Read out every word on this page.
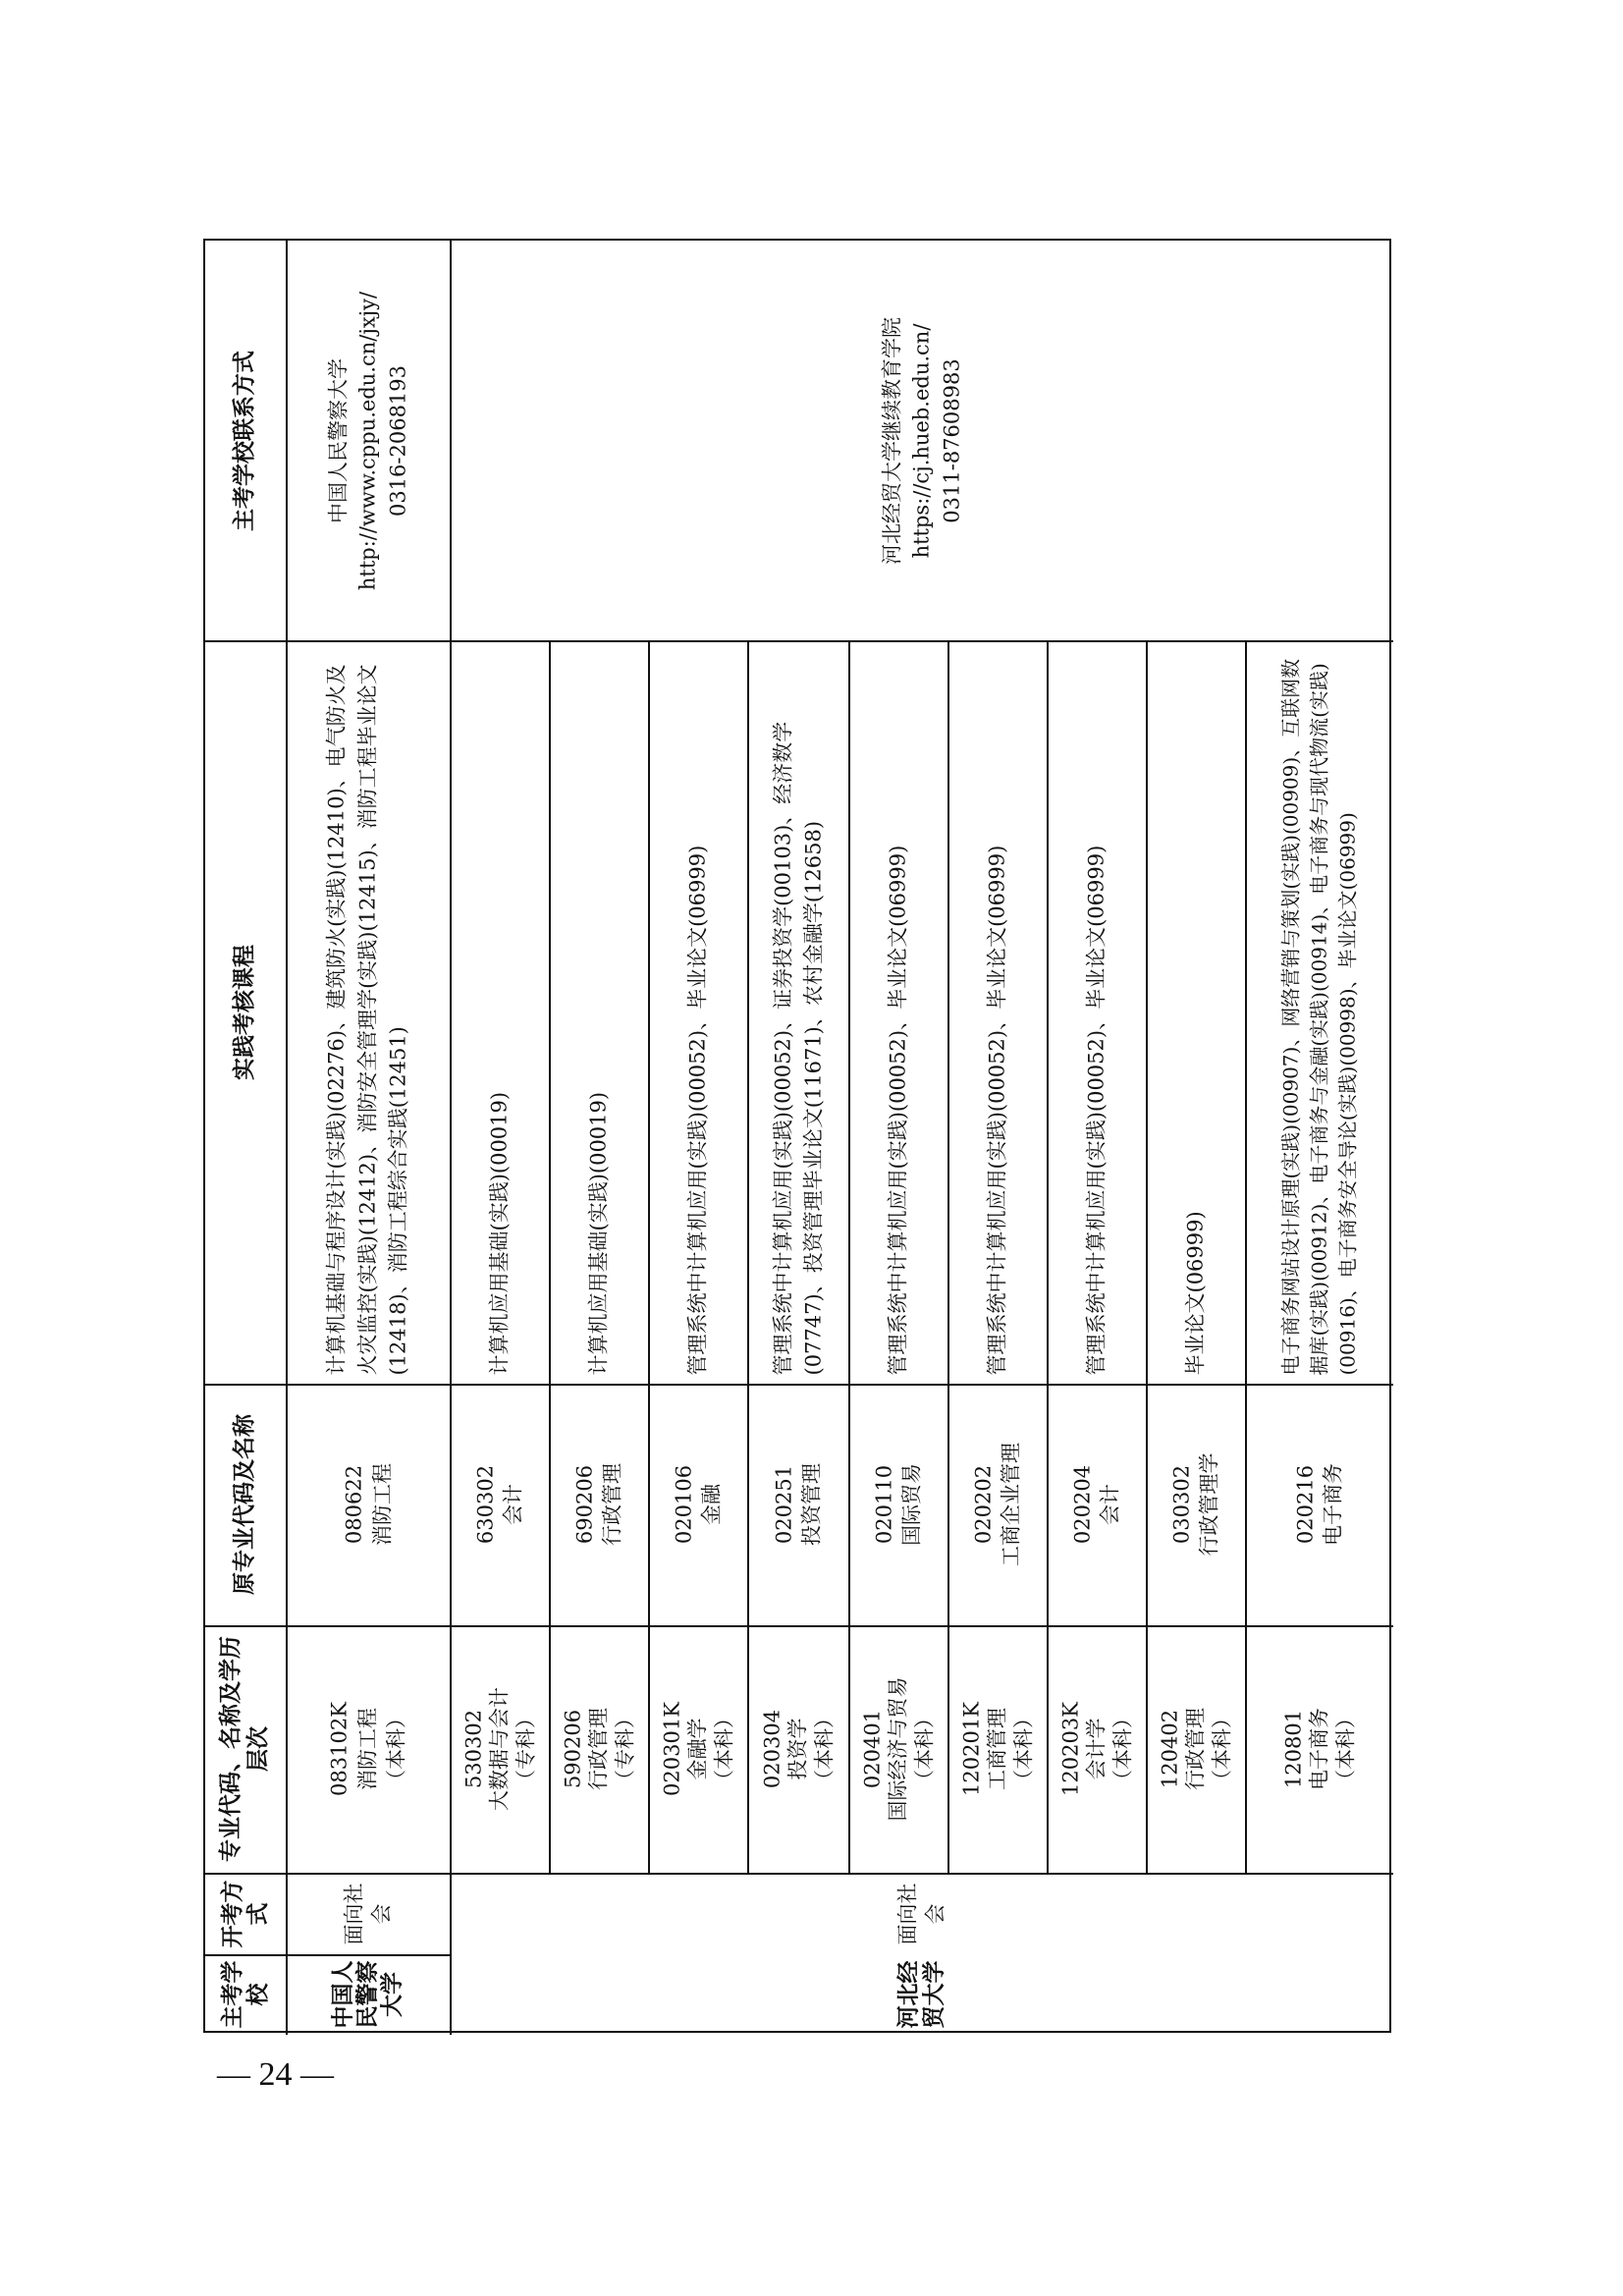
主考学校
开考方式
专业代码、名称及学历层次
原专业代码及名称
实践考核课程
主考学校联系方式
中国人民警察大学
面向社会
083102K 消防工程 （本科）
080622 消防工程
计算机基础与程序设计(实践)(02276)、建筑防火(实践)(12410)、电气防火及火灾监控(实践)(12412)、消防安全管理学(实践)(12415)、消防工程毕业论文(12418)、消防工程综合实践(12451)
中国人民警察大学 http://www.cppu.edu.cn/jxjy/ 0316-2068193
河北经贸大学
面向社会
河北经贸大学继续教育学院 https://cj.hueb.edu.cn/ 0311-87608983
530302 大数据与会计 （专科）
630302 会计
计算机应用基础(实践)(00019)
590206 行政管理 （专科）
690206 行政管理
计算机应用基础(实践)(00019)
020301K 金融学 （本科）
020106 金融
管理系统中计算机应用(实践)(00052)、毕业论文(06999)
020304 投资学 （本科）
020251 投资管理
管理系统中计算机应用(实践)(00052)、证券投资学(00103)、经济数学(07747)、投资管理毕业论文(11671)、农村金融学(12658)
020401 国际经济与贸易 （本科）
020110 国际贸易
管理系统中计算机应用(实践)(00052)、毕业论文(06999)
120201K 工商管理 （本科）
020202 工商企业管理
管理系统中计算机应用(实践)(00052)、毕业论文(06999)
120203K 会计学 （本科）
020204 会计
管理系统中计算机应用(实践)(00052)、毕业论文(06999)
120402 行政管理 （本科）
030302 行政管理学
毕业论文(06999)
120801 电子商务 （本科）
020216 电子商务
电子商务网站设计原理(实践)(00907)、网络营销与策划(实践)(00909)、互联网数据库(实践)(00912)、电子商务与金融(实践)(00914)、电子商务与现代物流(实践)(00916)、电子商务安全导论(实践)(00998)、毕业论文(06999)
— 24 —
